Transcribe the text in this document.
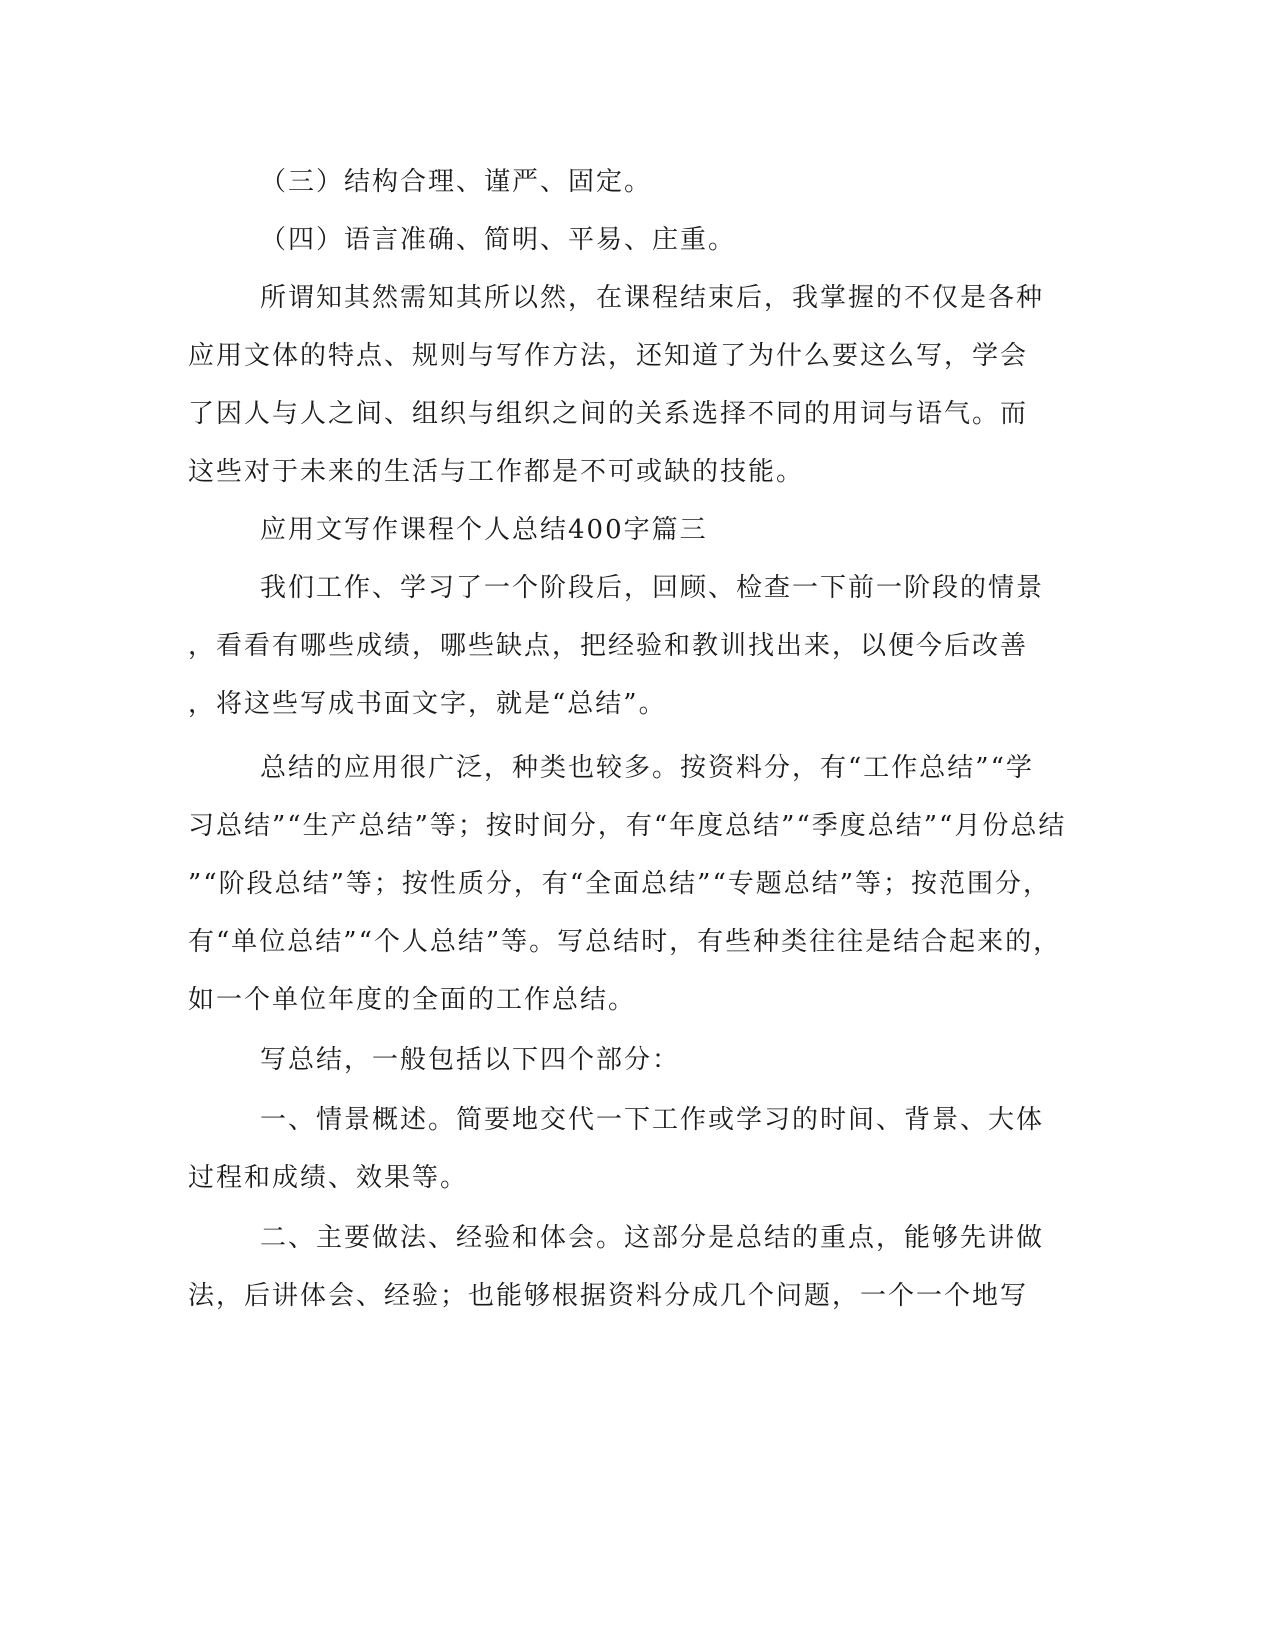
（三）结构合理、谨严、固定。
（四）语言准确、简明、平易、庄重。
所谓知其然需知其所以然，在课程结束后，我掌握的不仅是各种
应用文体的特点、规则与写作方法，还知道了为什么要这么写，学会
了因人与人之间、组织与组织之间的关系选择不同的用词与语气。而
这些对于未来的生活与工作都是不可或缺的技能。
应用文写作课程个人总结400字篇三
我们工作、学习了一个阶段后，回顾、检查一下前一阶段的情景
，看看有哪些成绩，哪些缺点，把经验和教训找出来，以便今后改善
，将这些写成书面文字，就是“总结”。
总结的应用很广泛，种类也较多。按资料分，有“工作总结”“学
习总结”“生产总结”等；按时间分，有“年度总结”“季度总结”“月份总结
”“阶段总结”等；按性质分，有“全面总结”“专题总结”等；按范围分，
有“单位总结”“个人总结”等。写总结时，有些种类往往是结合起来的，
如一个单位年度的全面的工作总结。
写总结，一般包括以下四个部分：
一、情景概述。简要地交代一下工作或学习的时间、背景、大体
过程和成绩、效果等。
二、主要做法、经验和体会。这部分是总结的重点，能够先讲做
法，后讲体会、经验；也能够根据资料分成几个问题，一个一个地写
